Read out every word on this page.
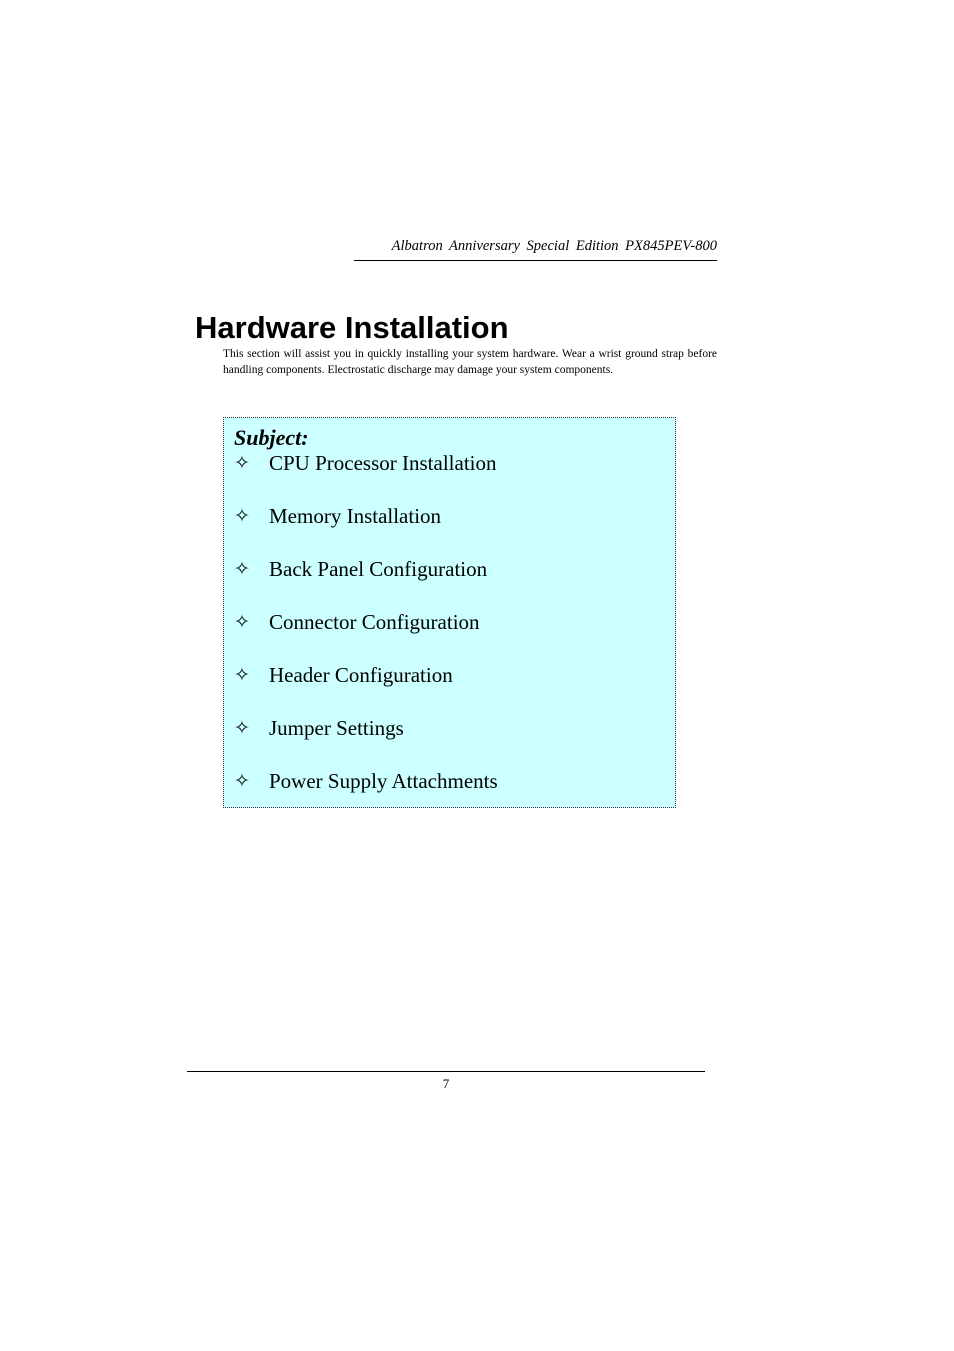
Albatron Anniversary Special Edition PX845PEV-800
Hardware Installation

This section will assist you in quickly installing your system hardware. Wear a wrist ground strap before handling components. Electrostatic discharge may damage your system components.

Subject:
✧ CPU Processor Installation
✧ Memory Installation
✧ Back Panel Configuration
✧ Connector Configuration
✧ Header Configuration
✧ Jumper Settings
✧ Power Supply Attachments
7
